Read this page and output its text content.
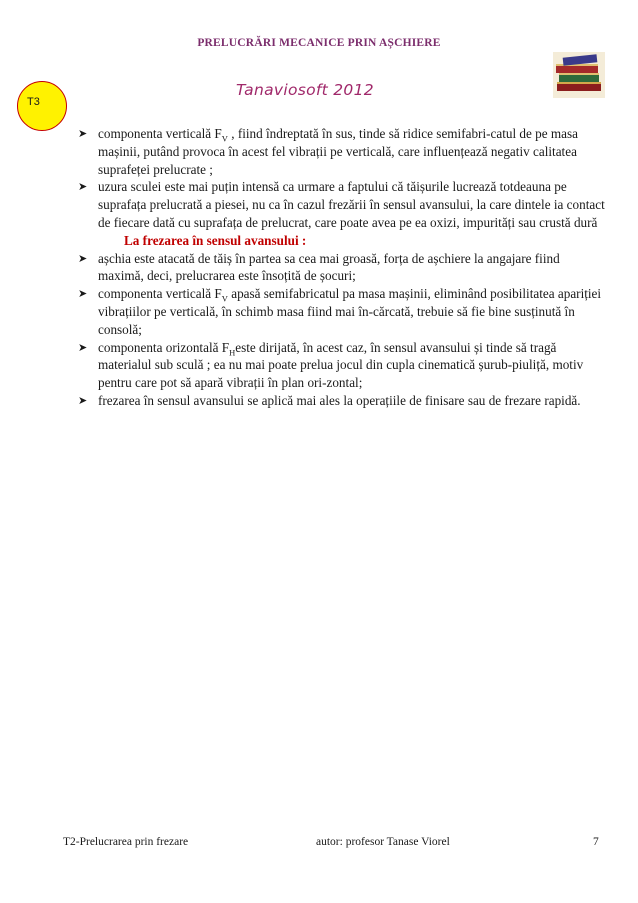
PRELUCRĂRI MECANICE PRIN AȘCHIERE
T3
Tanaviosoft 2012
➤ componenta verticală $F_V$ , fiind îndreptată în sus, tinde să ridice semifabri-catul de pe masa mașinii, putând provoca în acest fel vibrații pe verticală, care influențează negativ calitatea suprafeței prelucrate ;
➤ uzura sculei este mai puțin intensă ca urmare a faptului că tăișurile lucrează totdeauna pe suprafața prelucrată a piesei, nu ca în cazul frezării în sensul avansului, la care dintele ia contact de fiecare dată cu suprafața de prelucrat, care poate avea pe ea oxizi, impurități sau crustă dură
La frezarea în sensul avansului :
➤ așchia este atacată de tăiș în partea sa cea mai groasă, forța de așchiere la angajare fiind maximă, deci, prelucrarea este însoțită de șocuri;
➤ componenta verticală $F_V$ apasă semifabricatul pa masa mașinii, eliminând posibilitatea apariției vibrațiilor pe verticală, în schimb masa fiind mai în-cărcată, trebuie să fie bine susținută în consolă;
➤ componenta orizontală $F_Heste$ dirijată, în acest caz, în sensul avansului și tinde să tragă materialul sub sculă ; ea nu mai poate prelua jocul din cupla cinematică șurub-piuliță, motiv pentru care pot să apară vibrații în plan ori-zontal;
➤ frezarea în sensul avansului se aplică mai ales la operațiile de finisare sau de frezare rapidă.
T2-Prelucrarea prin frezare	autor: profesor Tanase Viorel	7
